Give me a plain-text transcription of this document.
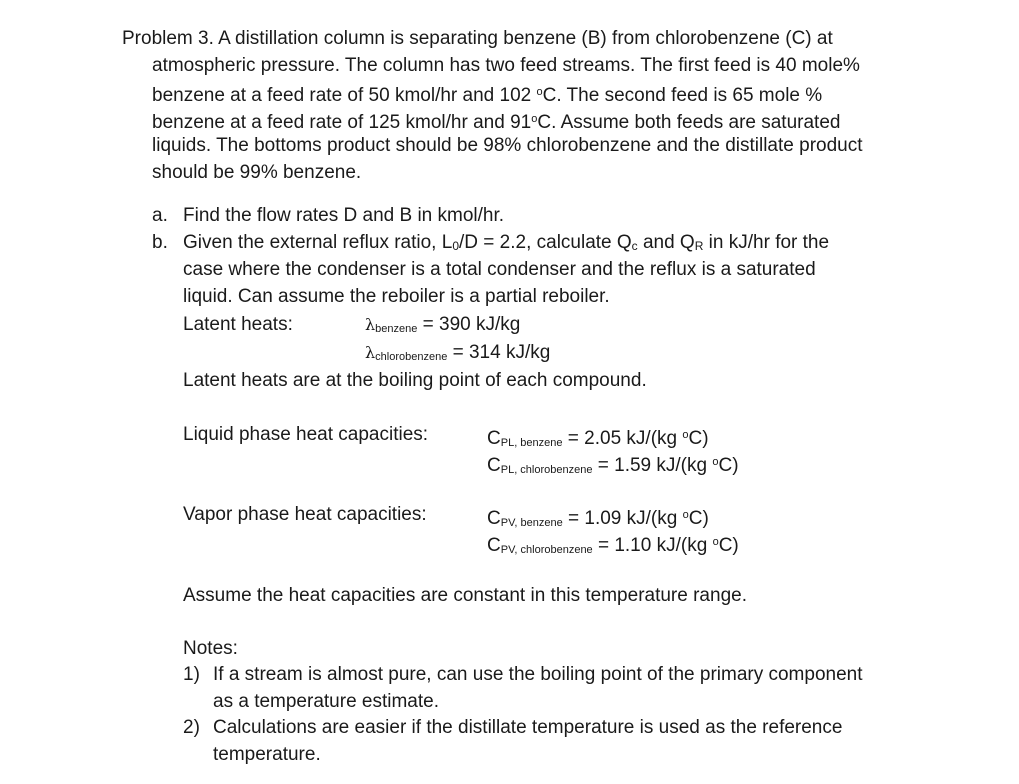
Problem 3. A distillation column is separating benzene (B) from chlorobenzene (C) at
atmospheric pressure. The column has two feed streams. The first feed is 40 mole%
benzene at a feed rate of 50 kmol/hr and 102 $^o$C. The second feed is 65 mole %
benzene at a feed rate of 125 kmol/hr and 91$^o$C. Assume both feeds are saturated
liquids. The bottoms product should be 98% chlorobenzene and the distillate product
should be 99% benzene.
a. Find the flow rates D and B in kmol/hr.
b. Given the external reflux ratio, L0/D = 2.2, calculate Qc and QR in kJ/hr for the
case where the condenser is a total condenser and the reflux is a saturated
liquid. Can assume the reboiler is a partial reboiler.
Latent heats:	λbenzene = 390 kJ/kg
λchlorobenzene = 314 kJ/kg
Latent heats are at the boiling point of each compound.
Liquid phase heat capacities:	CPL, benzene = 2.05 kJ/(kg $^o$C)
CPL, chlorobenzene = 1.59 kJ/(kg $^o$C)
Vapor phase heat capacities:	CPV, benzene = 1.09 kJ/(kg $^o$C)
CPV, chlorobenzene = 1.10 kJ/(kg $^o$C)
Assume the heat capacities are constant in this temperature range.
Notes:
1) If a stream is almost pure, can use the boiling point of the primary component
as a temperature estimate.
2) Calculations are easier if the distillate temperature is used as the reference
temperature.
